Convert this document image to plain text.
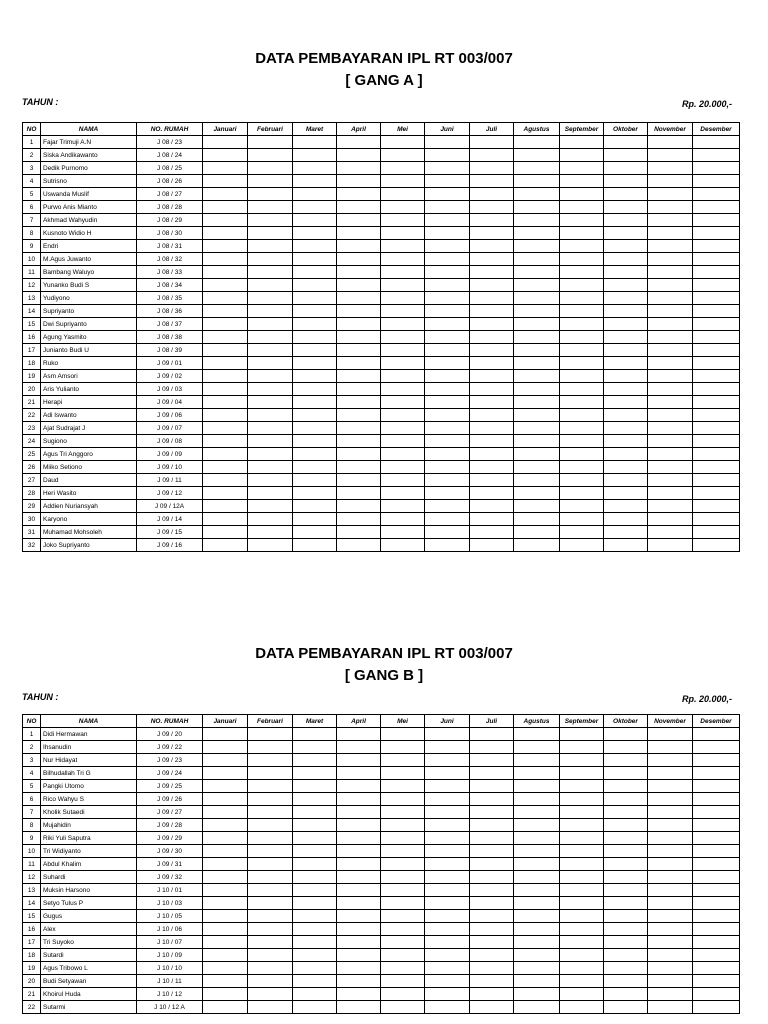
DATA PEMBAYARAN IPL RT 003/007
[ GANG A ]
TAHUN :	Rp. 20.000,-
NO	NAMA	NO. RUMAH	Januari	Februari	Maret	April	Mei	Juni	Juli	Agustus	September	Oktober	November	Desember
1	Fajar Trimuji A.N	J 08 / 23												
2	Siska Andikawanto	J 08 / 24												
3	Dedik Purnomo	J 08 / 25												
4	Sutrisno	J 08 / 26												
5	Uswanda Muslif	J 08 / 27												
6	Purwo Anis Mianto	J 08 / 28												
7	Akhmad Wahyudin	J 08 / 29												
8	Kusnoto Widio H	J 08 / 30												
9	Endri	J 08 / 31												
10	M.Agus Juwanto	J 08 / 32												
11	Bambang Waluyo	J 08 / 33												
12	Yunanko Budi S	J 08 / 34												
13	Yudiyono	J 08 / 35												
14	Supriyanto	J 08 / 36												
15	Dwi Supriyanto	J 08 / 37												
16	Agung Yasmito	J 08 / 38												
17	Junianto Budi U	J 08 / 39												
18	Ruko	J 09 / 01												
19	Asm Amsori	J 09 / 02												
20	Aris Yulianto	J 09 / 03												
21	Herapi	J 09 / 04												
22	Adi Iswanto	J 09 / 06												
23	Ajat Sudrajat J	J 09 / 07												
24	Sugiono	J 09 / 08												
25	Agus Tri Anggoro	J 09 / 09												
26	Miiko Setiono	J 09 / 10												
27	Daud	J 09 / 11												
28	Heri Wasito	J 09 / 12												
29	Addien Nuriansyah	J 09 / 12A												
30	Karyono	J 09 / 14												
31	Muhamad Mohsoleh	J 09 / 15												
32	Joko Supriyanto	J 09 / 16												
DATA PEMBAYARAN IPL RT 003/007
[ GANG B ]
TAHUN :	Rp. 20.000,-
NO	NAMA	NO. RUMAH	Januari	Februari	Maret	April	Mei	Juni	Juli	Agustus	September	Oktober	November	Desember
1	Didi Hermawan	J 09 / 20												
2	Ihsanudin	J 09 / 22												
3	Nur Hidayat	J 09 / 23												
4	Bilhudallah Tri G	J 09 / 24												
5	Pangki Utomo	J 09 / 25												
6	Rico Wahyu S	J 09 / 26												
7	Kholik Sutaedi	J 09 / 27												
8	Mujahidin	J 09 / 28												
9	Riki Yuli Saputra	J 09 / 29												
10	Tri Widiyanto	J 09 / 30												
11	Abdul Khalim	J 09 / 31												
12	Suhardi	J 09 / 32												
13	Muksin Harsono	J 10 / 01												
14	Setyo Tulus P	J 10 / 03												
15	Gugus	J 10 / 05												
16	Alex	J 10 / 06												
17	Tri Suyoko	J 10 / 07												
18	Sutardi	J 10 / 09												
19	Agus Tribowo L	J 10 / 10												
20	Budi Setyawan	J 10 / 11												
21	Khoirul Huda	J 10 / 12												
22	Sutarmi	J 10 / 12 A												
